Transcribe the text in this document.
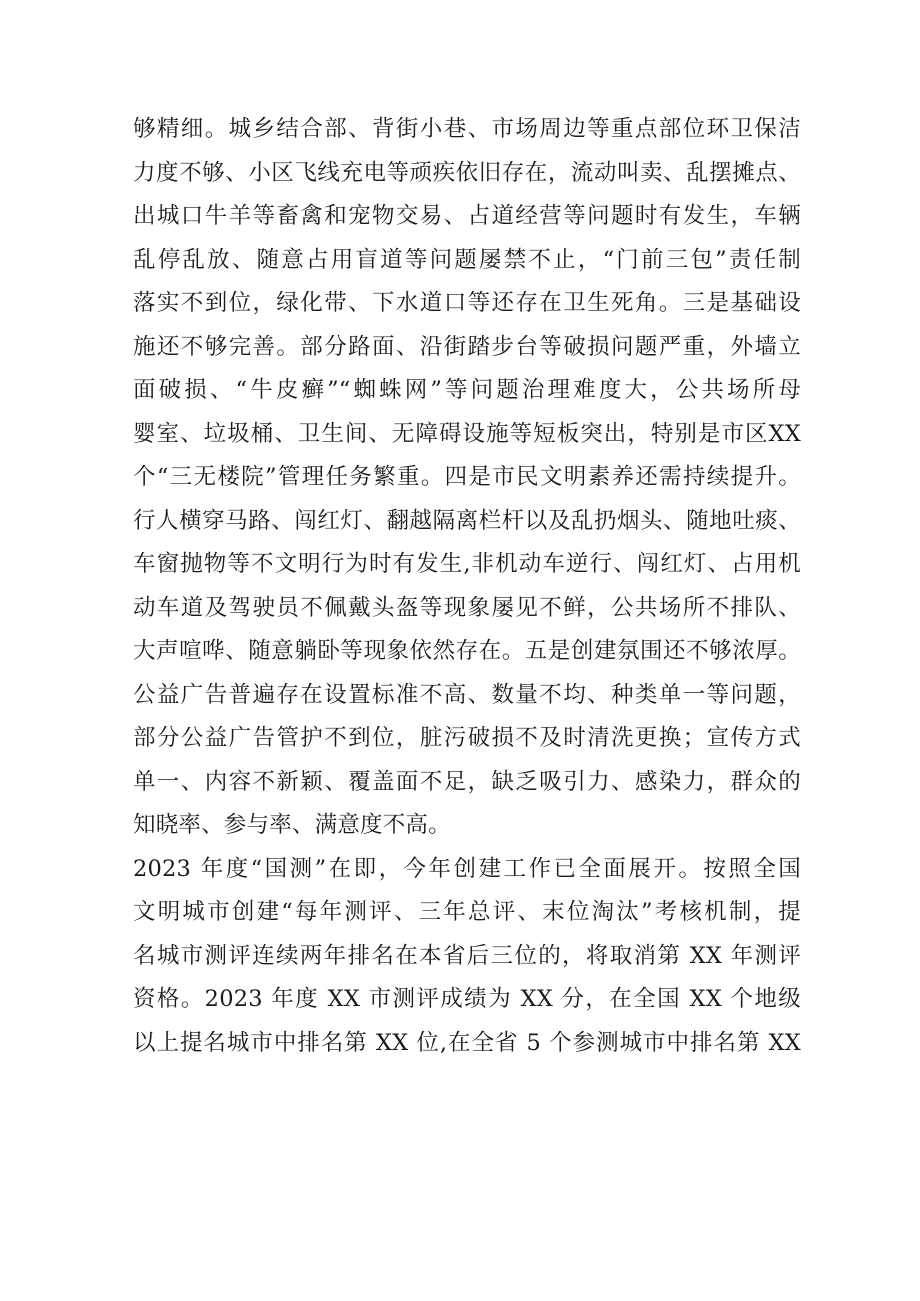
够精细。城乡结合部、背街小巷、市场周边等重点部位环卫保洁
力度不够、小区飞线充电等顽疾依旧存在，流动叫卖、乱摆摊点、
出城口牛羊等畜禽和宠物交易、占道经营等问题时有发生，车辆
乱停乱放、随意占用盲道等问题屡禁不止，“门前三包”责任制
落实不到位，绿化带、下水道口等还存在卫生死角。三是基础设
施还不够完善。部分路面、沿街踏步台等破损问题严重，外墙立
面破损、“牛皮癣”“蜘蛛网”等问题治理难度大，公共场所母
婴室、垃圾桶、卫生间、无障碍设施等短板突出，特别是市区XX
个“三无楼院”管理任务繁重。四是市民文明素养还需持续提升。
行人横穿马路、闯红灯、翻越隔离栏杆以及乱扔烟头、随地吐痰、
车窗抛物等不文明行为时有发生,非机动车逆行、闯红灯、占用机
动车道及驾驶员不佩戴头盔等现象屡见不鲜，公共场所不排队、
大声喧哗、随意躺卧等现象依然存在。五是创建氛围还不够浓厚。
公益广告普遍存在设置标准不高、数量不均、种类单一等问题，
部分公益广告管护不到位，脏污破损不及时清洗更换；宣传方式
单一、内容不新颖、覆盖面不足，缺乏吸引力、感染力，群众的
知晓率、参与率、满意度不高。
2023 年度“国测”在即，今年创建工作已全面展开。按照全国
文明城市创建“每年测评、三年总评、末位淘汰”考核机制，提
名城市测评连续两年排名在本省后三位的，将取消第 XX 年测评
资格。2023 年度 XX 市测评成绩为 XX 分，在全国 XX 个地级
以上提名城市中排名第 XX 位,在全省 5 个参测城市中排名第 XX
